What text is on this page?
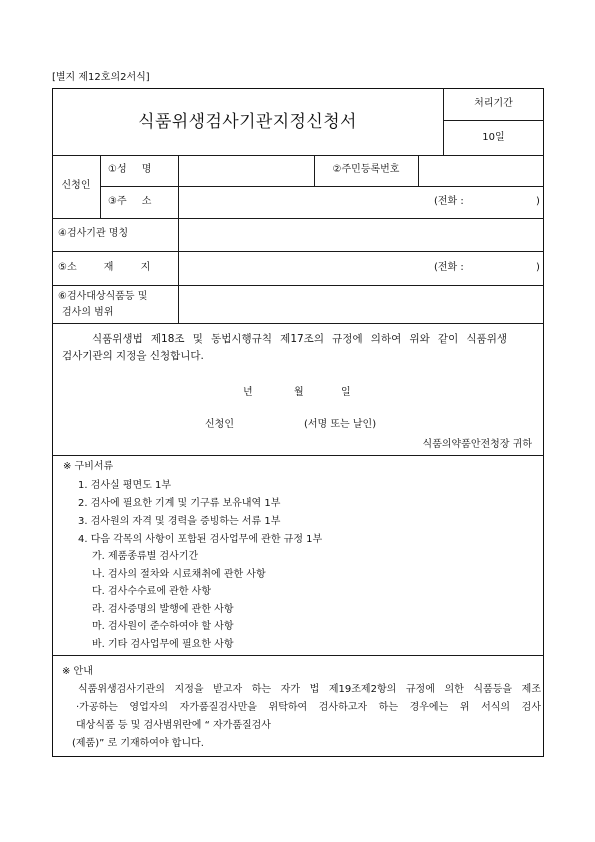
[별지 제12호의2서식]
식품위생검사기관지정신청서
처리기간
10일
신청인
①성 명	②주민등록번호
③주 소	(전화 :	)
④검사기관 명칭
⑤소 재 지	(전화 :	)
⑥검사대상식품등 및
검사의 범위
식품위생법 제18조 및 동법시행규칙 제17조의 규정에 의하여 위와 같이 식품위생
검사기관의 지정을 신청합니다.
년	월	일
신청인	(서명 또는 날인)
식품의약품안전청장 귀하
※ 구비서류
1. 검사실 평면도 1부
2. 검사에 필요한 기계 및 기구류 보유내역 1부
3. 검사원의 자격 및 경력을 증빙하는 서류 1부
4. 다음 각목의 사항이 포함된 검사업무에 관한 규정 1부
가. 제품종류별 검사기간
나. 검사의 절차와 시료채취에 관한 사항
다. 검사수수료에 관한 사항
라. 검사증명의 발행에 관한 사항
마. 검사원이 준수하여야 할 사항
바. 기타 검사업무에 필요한 사항
※ 안내
식품위생검사기관의 지정을 받고자 하는 자가 법 제19조제2항의 규정에 의한 식품등을 제조
·가공하는 영업자의 자가품질검사만을 위탁하여 검사하고자 하는 경우에는 위 서식의 검사
대상식품 등 및 검사범위란에 “ 자가품질검사
(제품)” 로 기재하여야 합니다.
